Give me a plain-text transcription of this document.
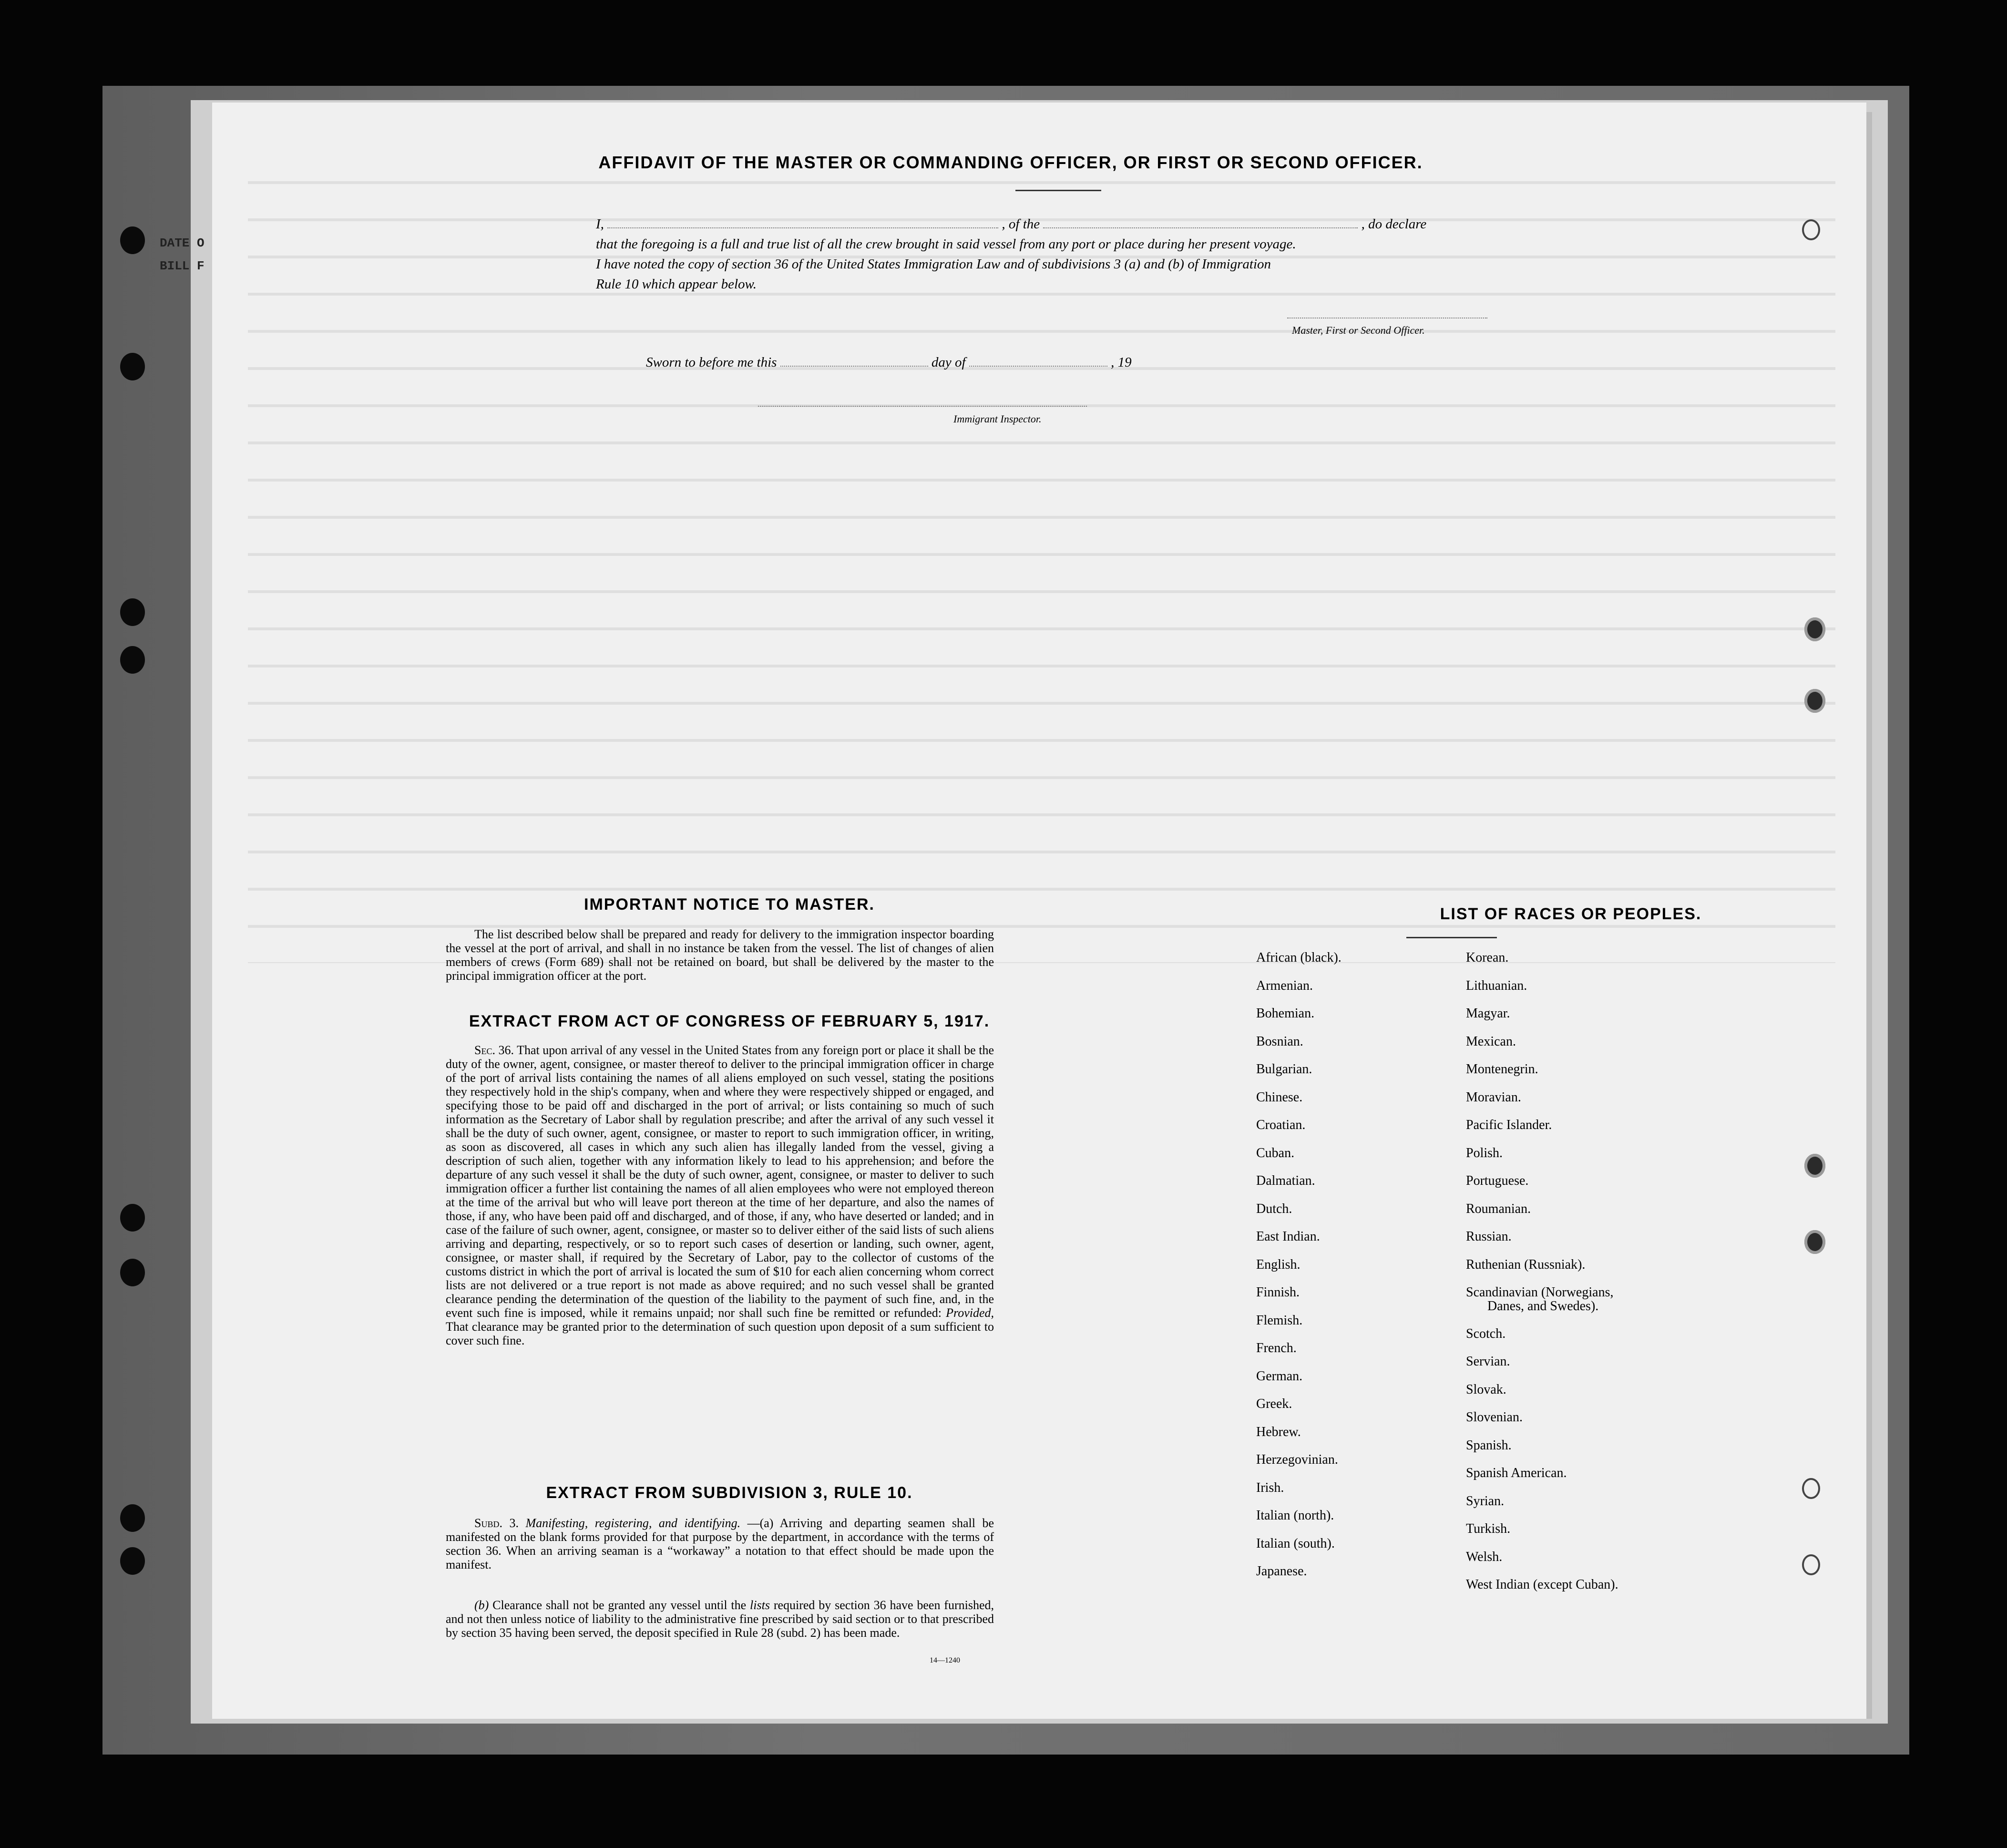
DATE O
BILL F
AFFIDAVIT OF THE MASTER OR COMMANDING OFFICER, OR FIRST OR SECOND OFFICER.
I,	, of the	, do declare
that the foregoing is a full and true list of all the crew brought in said vessel from any port or place during her present voyage.
I have noted the copy of section 36 of the United States Immigration Law and of subdivisions 3 (a) and (b) of Immigration
Rule 10 which appear below.
Master, First or Second Officer.
Sworn to before me this	day of	, 19
Immigrant Inspector.
IMPORTANT NOTICE TO MASTER.
The list described below shall be prepared and ready for delivery to the immigration inspector boarding the vessel at the port of arrival, and shall in no instance be taken from the vessel. The list of changes of alien members of crews (Form 689) shall not be retained on board, but shall be delivered by the master to the principal immigration officer at the port.
EXTRACT FROM ACT OF CONGRESS OF FEBRUARY 5, 1917.
Sec. 36. That upon arrival of any vessel in the United States from any foreign port or place it shall be the duty of the owner, agent, consignee, or master thereof to deliver to the principal immigration officer in charge of the port of arrival lists containing the names of all aliens employed on such vessel, stating the positions they respectively hold in the ship's company, when and where they were respectively shipped or engaged, and specifying those to be paid off and discharged in the port of arrival; or lists containing so much of such information as the Secretary of Labor shall by regulation prescribe; and after the arrival of any such vessel it shall be the duty of such owner, agent, consignee, or master to report to such immigration officer, in writing, as soon as discovered, all cases in which any such alien has illegally landed from the vessel, giving a description of such alien, together with any information likely to lead to his apprehension; and before the departure of any such vessel it shall be the duty of such owner, agent, consignee, or master to deliver to such immigration officer a further list containing the names of all alien employees who were not employed thereon at the time of the arrival but who will leave port thereon at the time of her departure, and also the names of those, if any, who have been paid off and discharged, and of those, if any, who have deserted or landed; and in case of the failure of such owner, agent, consignee, or master so to deliver either of the said lists of such aliens arriving and departing, respectively, or so to report such cases of desertion or landing, such owner, agent, consignee, or master shall, if required by the Secretary of Labor, pay to the collector of customs of the customs district in which the port of arrival is located the sum of $10 for each alien concerning whom correct lists are not delivered or a true report is not made as above required; and no such vessel shall be granted clearance pending the determination of the question of the liability to the payment of such fine, and, in the event such fine is imposed, while it remains unpaid; nor shall such fine be remitted or refunded: Provided, That clearance may be granted prior to the determination of such question upon deposit of a sum sufficient to cover such fine.
EXTRACT FROM SUBDIVISION 3, RULE 10.
Subd. 3. Manifesting, registering, and identifying. —(a) Arriving and departing seamen shall be manifested on the blank forms provided for that purpose by the department, in accordance with the terms of section 36. When an arriving seaman is a “workaway” a notation to that effect should be made upon the manifest.
(b) Clearance shall not be granted any vessel until the lists required by section 36 have been furnished, and not then unless notice of liability to the administrative fine prescribed by said section or to that prescribed by section 35 having been served, the deposit specified in Rule 28 (subd. 2) has been made.
14—1240
LIST OF RACES OR PEOPLES.
African (black).
Armenian.
Bohemian.
Bosnian.
Bulgarian.
Chinese.
Croatian.
Cuban.
Dalmatian.
Dutch.
East Indian.
English.
Finnish.
Flemish.
French.
German.
Greek.
Hebrew.
Herzegovinian.
Irish.
Italian (north).
Italian (south).
Japanese.
Korean.
Lithuanian.
Magyar.
Mexican.
Montenegrin.
Moravian.
Pacific Islander.
Polish.
Portuguese.
Roumanian.
Russian.
Ruthenian (Russniak).
Scandinavian (Norwegians,
Danes, and Swedes).
Scotch.
Servian.
Slovak.
Slovenian.
Spanish.
Spanish American.
Syrian.
Turkish.
Welsh.
West Indian (except Cuban).
